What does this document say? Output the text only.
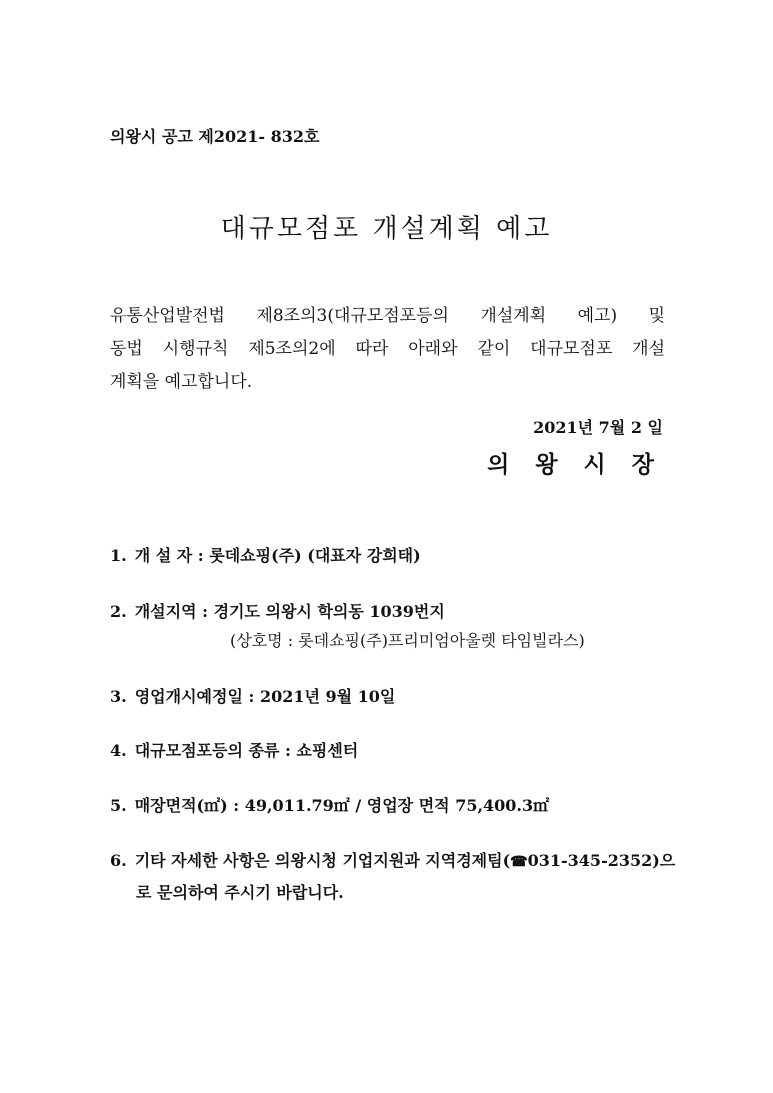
의왕시 공고 제2021- 832호
대규모점포 개설계획 예고
유통산업발전법 제8조의3(대규모점포등의 개설계획 예고) 및
동법 시행규칙 제5조의2에 따라 아래와 같이 대규모점포 개설
계획을 예고합니다.
2021년 7월 2 일
의 왕 시 장
1. 개 설 자 : 롯데쇼핑(주) (대표자 강희태)
2. 개설지역 : 경기도 의왕시 학의동 1039번지
(상호명 : 롯데쇼핑(주)프리미엄아울렛 타임빌라스)
3. 영업개시예정일 : 2021년 9월 10일
4. 대규모점포등의 종류 : 쇼핑센터
5. 매장면적(㎡) : 49,011.79㎡ / 영업장 면적 75,400.3㎡
6. 기타 자세한 사항은 의왕시청 기업지원과 지역경제팀(☎031-345-2352)으
로 문의하여 주시기 바랍니다.
